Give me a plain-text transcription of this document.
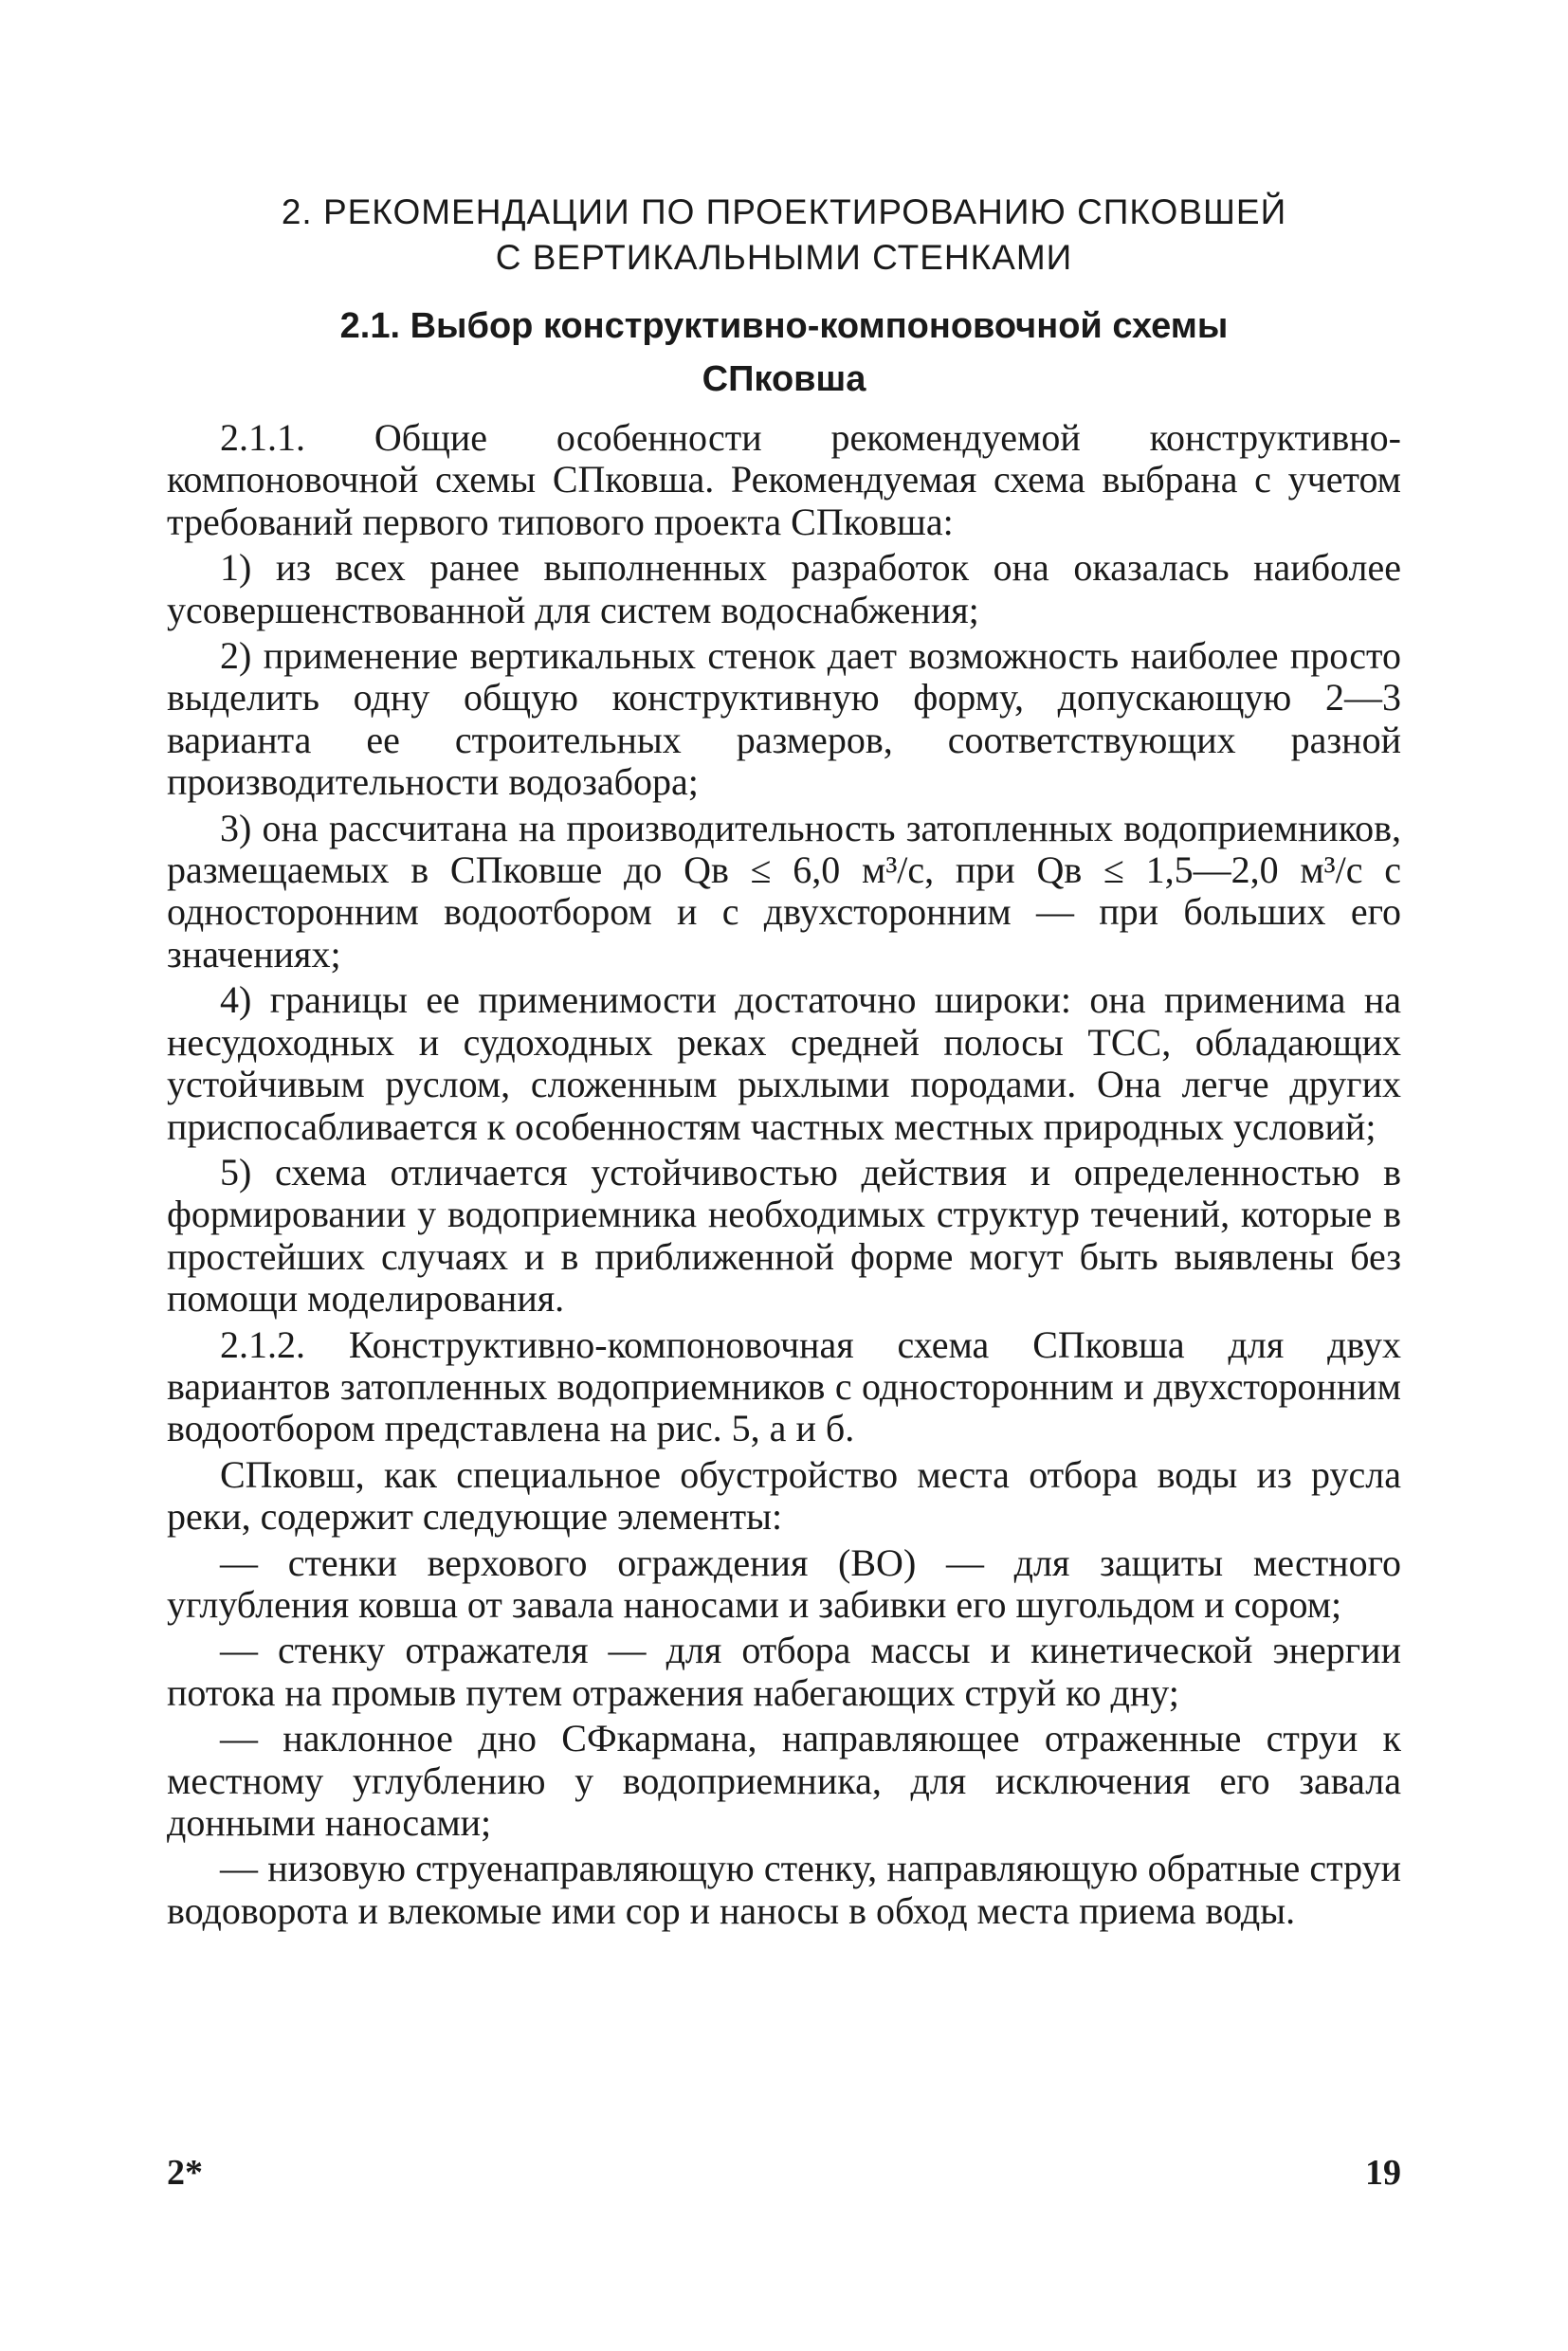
2. РЕКОМЕНДАЦИИ ПО ПРОЕКТИРОВАНИЮ СПКОВШЕЙ
С ВЕРТИКАЛЬНЫМИ СТЕНКАМИ
2.1. Выбор конструктивно-компоновочной схемы
СПковша

2.1.1. Общие особенности рекомендуемой конструктивно-компоновочной схемы СПковша. Рекомендуемая схема выбрана с учетом требований первого типового проекта СПковша:

1) из всех ранее выполненных разработок она оказалась наиболее усовершенствованной для систем водоснабжения;

2) применение вертикальных стенок дает возможность наиболее просто выделить одну общую конструктивную форму, допускающую 2—3 варианта ее строительных размеров, соответствующих разной производительности водозабора;

3) она рассчитана на производительность затопленных водоприемников, размещаемых в СПковше до Qв ≤ 6,0 м³/с, при Qв ≤ 1,5—2,0 м³/с с односторонним водоотбором и с двухсторонним — при больших его значениях;

4) границы ее применимости достаточно широки: она применима на несудоходных и судоходных реках средней полосы ТСС, обладающих устойчивым руслом, сложенным рыхлыми породами. Она легче других приспосабливается к особенностям частных местных природных условий;

5) схема отличается устойчивостью действия и определенностью в формировании у водоприемника необходимых структур течений, которые в простейших случаях и в приближенной форме могут быть выявлены без помощи моделирования.

2.1.2. Конструктивно-компоновочная схема СПковша для двух вариантов затопленных водоприемников с односторонним и двухсторонним водоотбором представлена на рис. 5, а и б.

СПковш, как специальное обустройство места отбора воды из русла реки, содержит следующие элементы:

— стенки верхового ограждения (ВО) — для защиты местного углубления ковша от завала наносами и забивки его шугольдом и сором;

— стенку отражателя — для отбора массы и кинетической энергии потока на промыв путем отражения набегающих струй ко дну;

— наклонное дно СФкармана, направляющее отраженные струи к местному углублению у водоприемника, для исключения его завала донными наносами;

— низовую струенаправляющую стенку, направляющую обратные струи водоворота и влекомые ими сор и наносы в обход места приема воды.

2*	19
